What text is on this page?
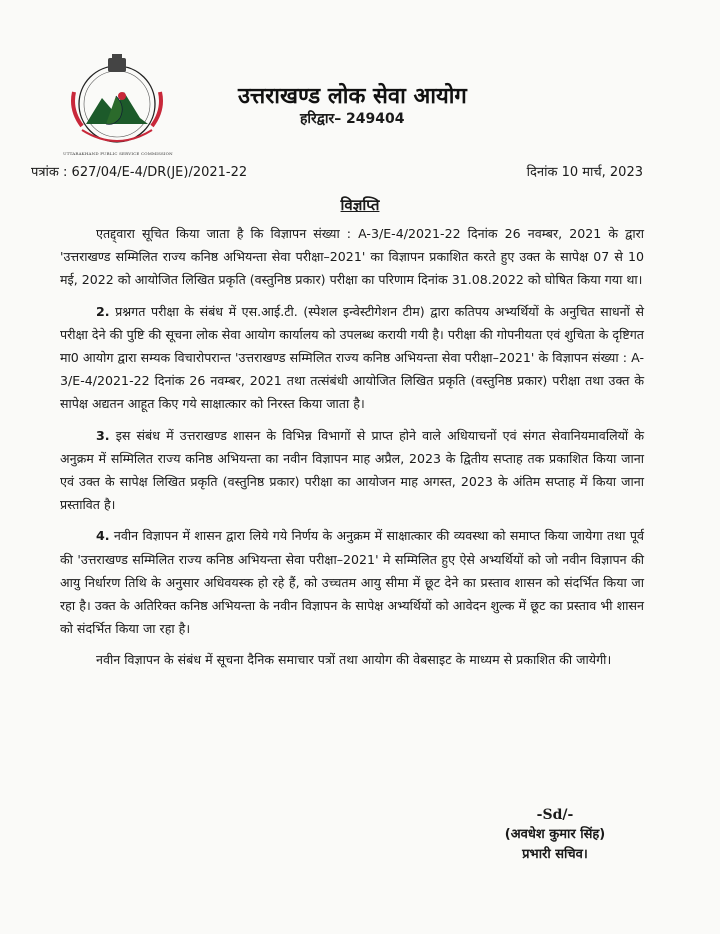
UTTARAKHAND PUBLIC SERVICE COMMISSION
उत्तराखण्ड लोक सेवा आयोग
हरिद्वार– 249404
पत्रांक : 627/04/E-4/DR(JE)/2021-22	दिनांक 10 मार्च, 2023
विज्ञप्ति

एतद्द्वारा सूचित किया जाता है कि विज्ञापन संख्या : A-3/E-4/2021-22 दिनांक 26 नवम्बर, 2021 के द्वारा 'उत्तराखण्ड सम्मिलित राज्य कनिष्ठ अभियन्ता सेवा परीक्षा–2021' का विज्ञापन प्रकाशित करते हुए उक्त के सापेक्ष 07 से 10 मई, 2022 को आयोजित लिखित प्रकृति (वस्तुनिष्ठ प्रकार) परीक्षा का परिणाम दिनांक 31.08.2022 को घोषित किया गया था।

2. प्रश्नगत परीक्षा के संबंध में एस.आई.टी. (स्पेशल इन्वेस्टीगेशन टीम) द्वारा कतिपय अभ्यर्थियों के अनुचित साधनों से परीक्षा देने की पुष्टि की सूचना लोक सेवा आयोग कार्यालय को उपलब्ध करायी गयी है। परीक्षा की गोपनीयता एवं शुचिता के दृष्टिगत मा0 आयोग द्वारा सम्यक विचारोपरान्त 'उत्तराखण्ड सम्मिलित राज्य कनिष्ठ अभियन्ता सेवा परीक्षा–2021' के विज्ञापन संख्या : A-3/E-4/2021-22 दिनांक 26 नवम्बर, 2021 तथा तत्संबंधी आयोजित लिखित प्रकृति (वस्तुनिष्ठ प्रकार) परीक्षा तथा उक्त के सापेक्ष अद्यतन आहूत किए गये साक्षात्कार को निरस्त किया जाता है।

3. इस संबंध में उत्तराखण्ड शासन के विभिन्न विभागों से प्राप्त होने वाले अधियाचनों एवं संगत सेवानियमावलियों के अनुक्रम में सम्मिलित राज्य कनिष्ठ अभियन्ता का नवीन विज्ञापन माह अप्रैल, 2023 के द्वितीय सप्ताह तक प्रकाशित किया जाना एवं उक्त के सापेक्ष लिखित प्रकृति (वस्तुनिष्ठ प्रकार) परीक्षा का आयोजन माह अगस्त, 2023 के अंतिम सप्ताह में किया जाना प्रस्तावित है।

4. नवीन विज्ञापन में शासन द्वारा लिये गये निर्णय के अनुक्रम में साक्षात्कार की व्यवस्था को समाप्त किया जायेगा तथा पूर्व की 'उत्तराखण्ड सम्मिलित राज्य कनिष्ठ अभियन्ता सेवा परीक्षा–2021' मे सम्मिलित हुए ऐसे अभ्यर्थियों को जो नवीन विज्ञापन की आयु निर्धारण तिथि के अनुसार अधिवयस्क हो रहे हैं, को उच्चतम आयु सीमा में छूट देने का प्रस्ताव शासन को संदर्भित किया जा रहा है। उक्त के अतिरिक्त कनिष्ठ अभियन्ता के नवीन विज्ञापन के सापेक्ष अभ्यर्थियों को आवेदन शुल्क में छूट का प्रस्ताव भी शासन को संदर्भित किया जा रहा है।

नवीन विज्ञापन के संबंध में सूचना दैनिक समाचार पत्रों तथा आयोग की वेबसाइट के माध्यम से प्रकाशित की जायेगी।

-Sd/-
(अवधेश कुमार सिंह)
प्रभारी सचिव।
